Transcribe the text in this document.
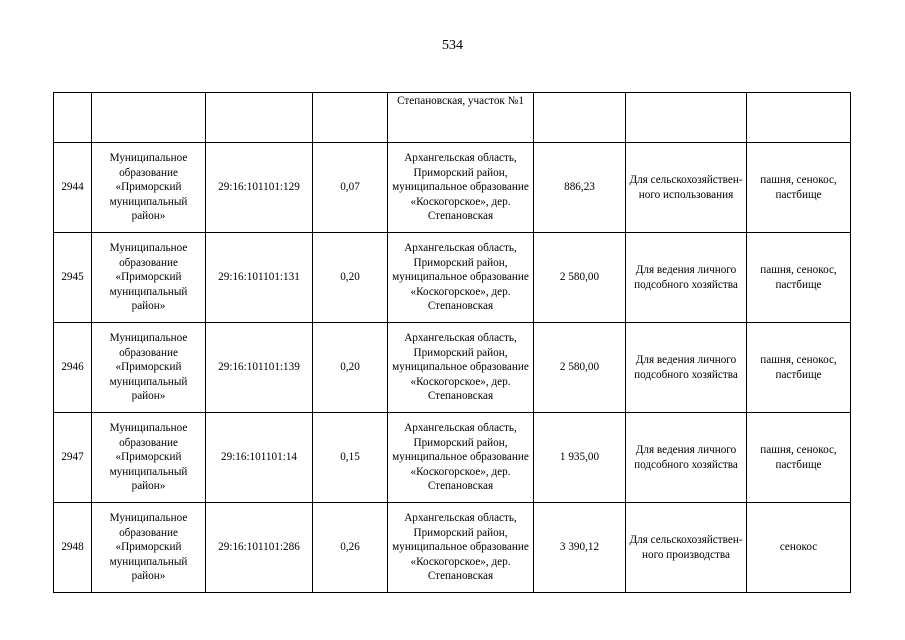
534
				Степановская, участок №1			
2944	Муниципальное образование «Приморский муниципальный район»	29:16:101101:129	0,07	Архангельская область, Приморский район, муниципальное образование «Коскогорское», дер. Степановская	886,23	Для сельскохозяйствен-ного использования	пашня, сенокос, пастбище
2945	Муниципальное образование «Приморский муниципальный район»	29:16:101101:131	0,20	Архангельская область, Приморский район, муниципальное образование «Коскогорское», дер. Степановская	2 580,00	Для ведения личного подсобного хозяйства	пашня, сенокос, пастбище
2946	Муниципальное образование «Приморский муниципальный район»	29:16:101101:139	0,20	Архангельская область, Приморский район, муниципальное образование «Коскогорское», дер. Степановская	2 580,00	Для ведения личного подсобного хозяйства	пашня, сенокос, пастбище
2947	Муниципальное образование «Приморский муниципальный район»	29:16:101101:14	0,15	Архангельская область, Приморский район, муниципальное образование «Коскогорское», дер. Степановская	1 935,00	Для ведения личного подсобного хозяйства	пашня, сенокос, пастбище
2948	Муниципальное образование «Приморский муниципальный район»	29:16:101101:286	0,26	Архангельская область, Приморский район, муниципальное образование «Коскогорское», дер. Степановская	3 390,12	Для сельскохозяйствен-ного производства	сенокос
